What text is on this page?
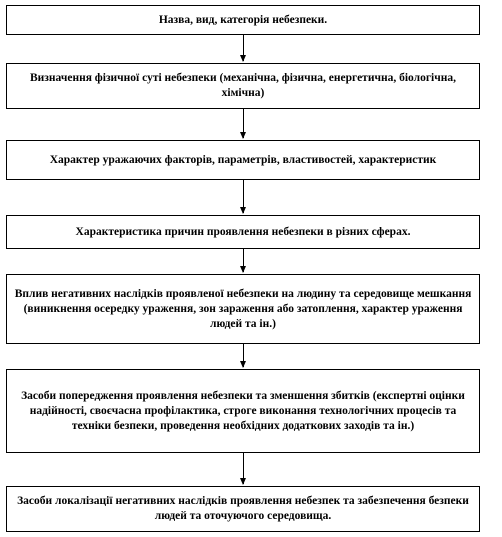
Назва, вид, категорія небезпеки.
Визначення фізичної суті небезпеки (механічна, фізична, енергетична, біологічна, хімічна)
Характер уражаючих факторів, параметрів, властивостей, характеристик
Характеристика причин проявлення небезпеки в різних сферах.
Вплив негативних наслідків проявленої небезпеки на людину та середовище мешкання (виникнення осередку ураження, зон зараження або затоплення, характер ураження людей та ін.)
Засоби попередження проявлення небезпеки та зменшення збитків (експертні оцінки надійності, своєчасна профілактика, строге виконання технологічних процесів та техніки безпеки, проведення необхідних додаткових заходів та ін.)
Засоби локалізації негативних наслідків проявлення небезпек та забезпечення безпеки людей та оточуючого середовища.
